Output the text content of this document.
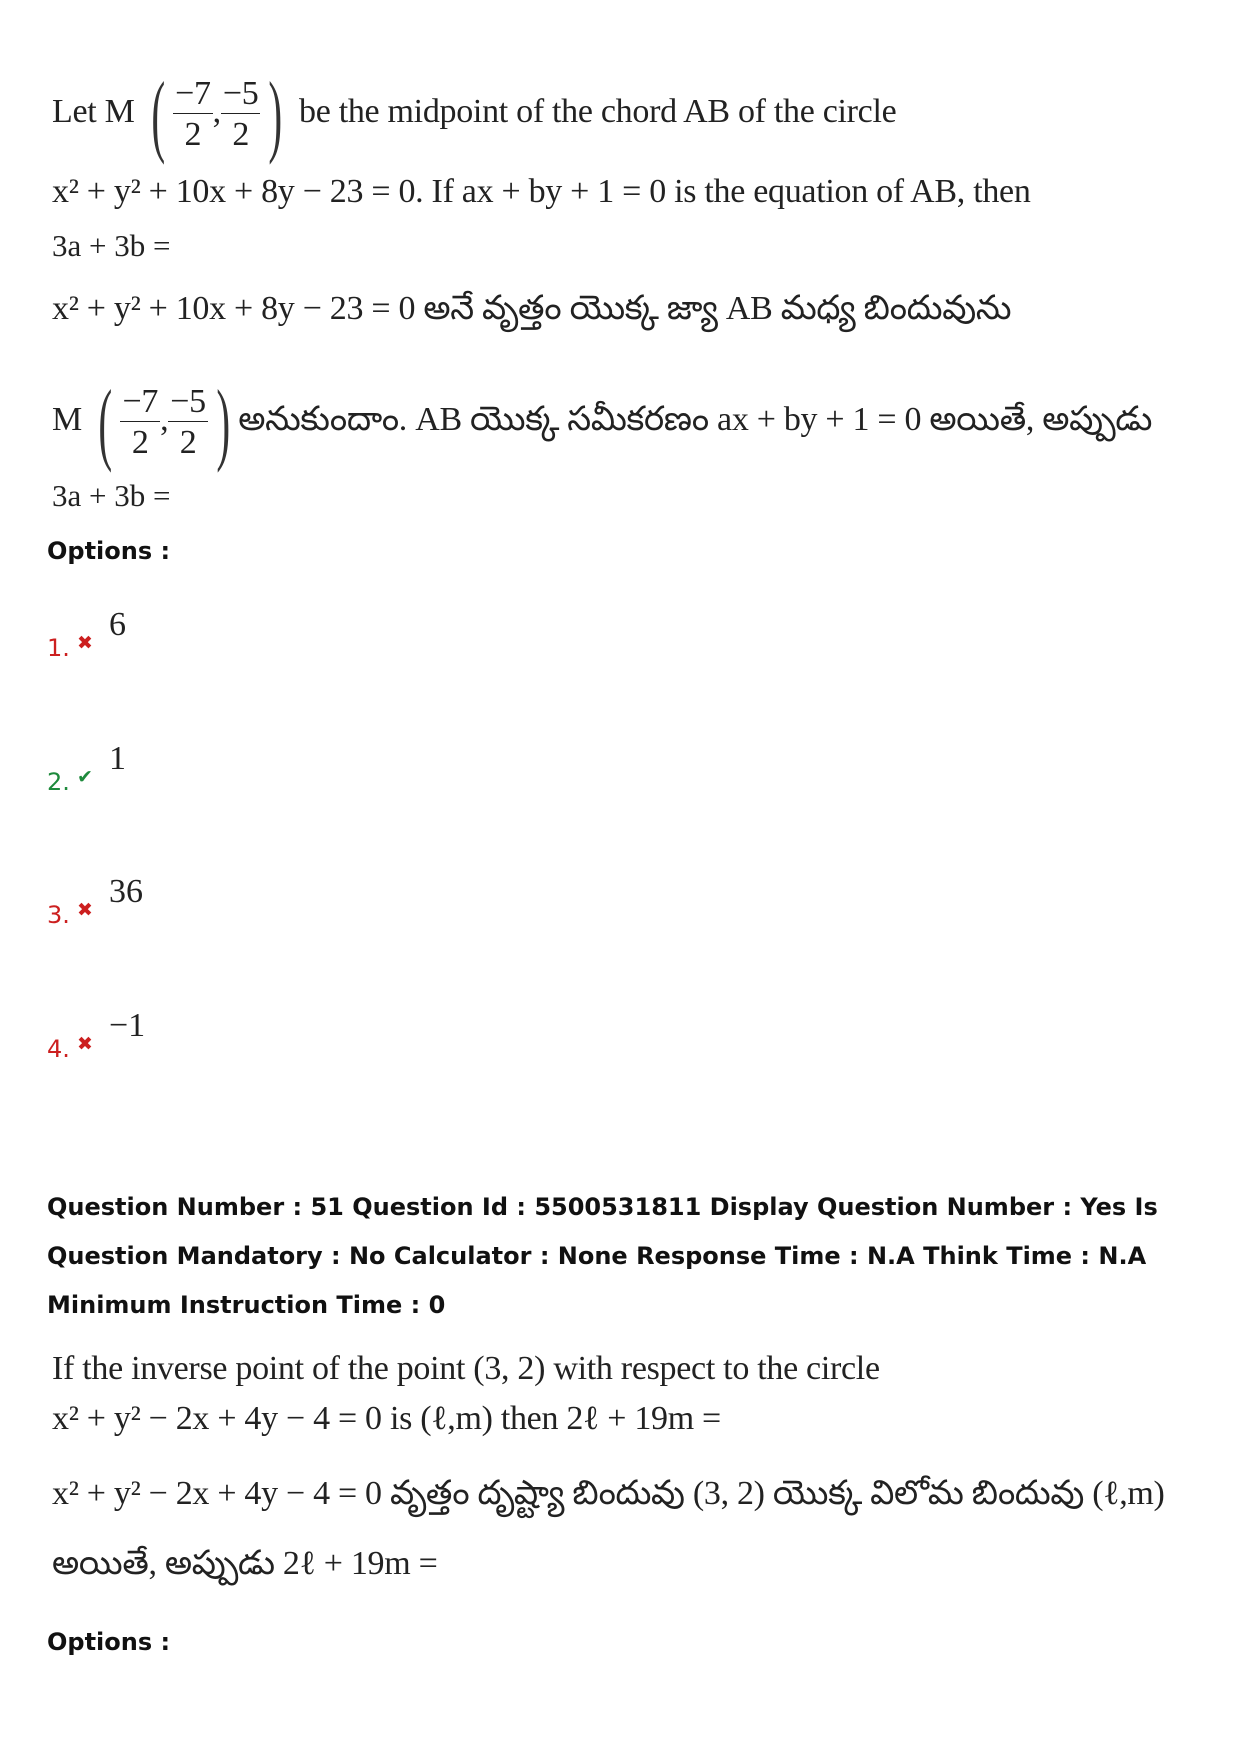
Let M ( $\frac{-7}{2}$ , $\frac{-5}{2}$ ) be the midpoint of the chord AB of the circle
x² + y² + 10x + 8y − 23 = 0. If ax + by + 1 = 0 is the equation of AB, then
3a + 3b =
x² + y² + 10x + 8y − 23 = 0 అనే వృత్తం యొక్క జ్యా AB మధ్య బిందువును
M ( $\frac{-7}{2}$ , $\frac{-5}{2}$ ) అనుకుందాం. AB యొక్క సమీకరణం ax + by + 1 = 0 అయితే, అప్పుడు
3a + 3b =
Options :
1. ✖ 6
2. ✔ 1
3. ✖ 36
4. ✖ −1
Question Number : 51 Question Id : 5500531811 Display Question Number : Yes Is Question Mandatory : No Calculator : None Response Time : N.A Think Time : N.A Minimum Instruction Time : 0
If the inverse point of the point (3, 2) with respect to the circle
x² + y² − 2x + 4y − 4 = 0 is (ℓ,m) then 2ℓ + 19m =
x² + y² − 2x + 4y − 4 = 0 వృత్తం దృష్ట్యా బిందువు (3, 2) యొక్క విలోమ బిందువు (ℓ,m)
అయితే, అప్పుడు 2ℓ + 19m =
Options :
